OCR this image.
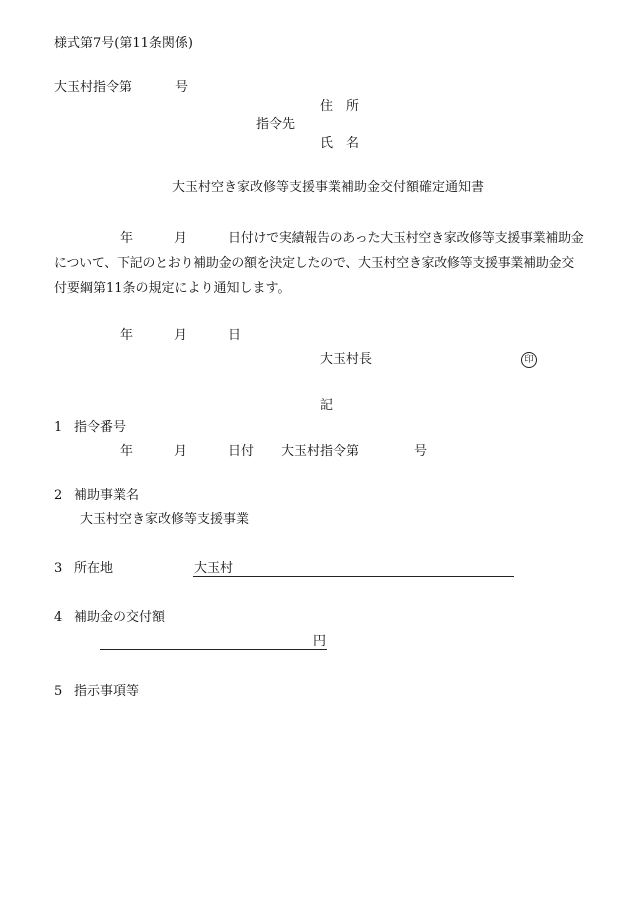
様式第7号(第11条関係)
大玉村指令第	号
住　所
指令先
氏　名
大玉村空き家改修等支援事業補助金交付額確定通知書
年	月	日付けで実績報告のあった大玉村空き家改修等支援事業補助金
について、下記のとおり補助金の額を決定したので、大玉村空き家改修等支援事業補助金交
付要綱第11条の規定により通知します。
年	月	日
大玉村長	印
記
1 指令番号
年	月	日付 大玉村指令第	号
2 補助事業名
大玉村空き家改修等支援事業
3 所在地	大玉村
4 補助金の交付額
円
5 指示事項等
